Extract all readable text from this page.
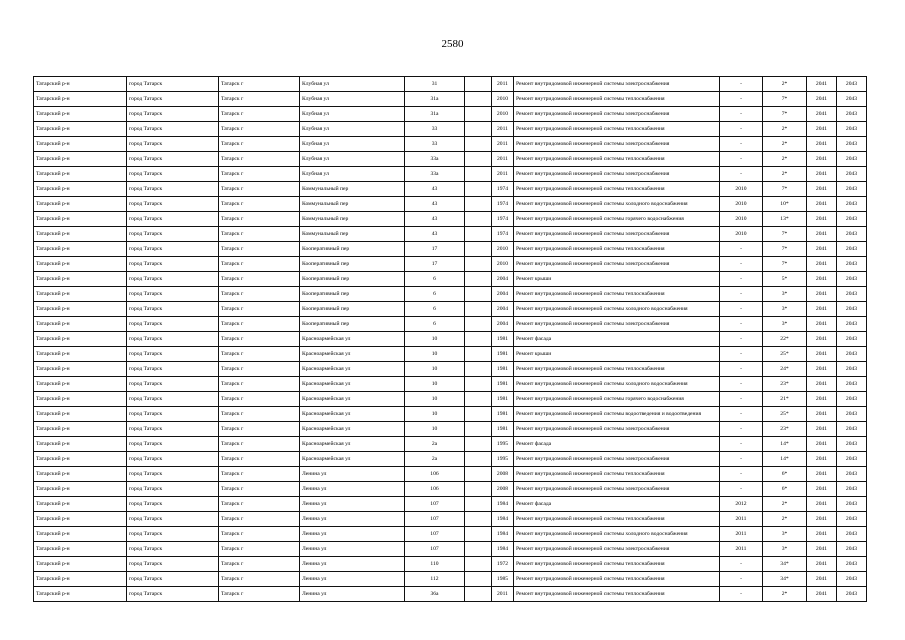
2580
Татарский р-н	город Татарск	Татарск г	Клубная ул	31		2011	Ремонт внутридомовой инженерной системы электроснабжения	-	2*	2041	2043
Татарский р-н	город Татарск	Татарск г	Клубная ул	31а		2010	Ремонт внутридомовой инженерной системы теплоснабжения	-	7*	2041	2043
Татарский р-н	город Татарск	Татарск г	Клубная ул	31а		2010	Ремонт внутридомовой инженерной системы электроснабжения	-	7*	2041	2043
Татарский р-н	город Татарск	Татарск г	Клубная ул	33		2011	Ремонт внутридомовой инженерной системы теплоснабжения	-	2*	2041	2043
Татарский р-н	город Татарск	Татарск г	Клубная ул	33		2011	Ремонт внутридомовой инженерной системы электроснабжения	-	2*	2041	2043
Татарский р-н	город Татарск	Татарск г	Клубная ул	33а		2011	Ремонт внутридомовой инженерной системы теплоснабжения	-	2*	2041	2043
Татарский р-н	город Татарск	Татарск г	Клубная ул	33а		2011	Ремонт внутридомовой инженерной системы электроснабжения	-	2*	2041	2043
Татарский р-н	город Татарск	Татарск г	Коммунальный пер	43		1974	Ремонт внутридомовой инженерной системы теплоснабжения	2010	7*	2041	2043
Татарский р-н	город Татарск	Татарск г	Коммунальный пер	43		1974	Ремонт внутридомовой инженерной системы холодного водоснабжения	2010	10*	2041	2043
Татарский р-н	город Татарск	Татарск г	Коммунальный пер	43		1974	Ремонт внутридомовой инженерной системы горячего водоснабжения	2010	13*	2041	2043
Татарский р-н	город Татарск	Татарск г	Коммунальный пер	43		1974	Ремонт внутридомовой инженерной системы электроснабжения	2010	7*	2041	2043
Татарский р-н	город Татарск	Татарск г	Кооперативный пер	17		2010	Ремонт внутридомовой инженерной системы теплоснабжения	-	7*	2041	2043
Татарский р-н	город Татарск	Татарск г	Кооперативный пер	17		2010	Ремонт внутридомовой инженерной системы электроснабжения	-	7*	2041	2043
Татарский р-н	город Татарск	Татарск г	Кооперативный пер	6		2004	Ремонт крыши	-	5*	2041	2043
Татарский р-н	город Татарск	Татарск г	Кооперативный пер	6		2004	Ремонт внутридомовой инженерной системы теплоснабжения	-	3*	2041	2043
Татарский р-н	город Татарск	Татарск г	Кооперативный пер	6		2004	Ремонт внутридомовой инженерной системы холодного водоснабжения	-	3*	2041	2043
Татарский р-н	город Татарск	Татарск г	Кооперативный пер	6		2004	Ремонт внутридомовой инженерной системы электроснабжения	-	3*	2041	2043
Татарский р-н	город Татарск	Татарск г	Красноармейская ул	10		1981	Ремонт фасада	-	22*	2041	2043
Татарский р-н	город Татарск	Татарск г	Красноармейская ул	10		1981	Ремонт крыши	-	25*	2041	2043
Татарский р-н	город Татарск	Татарск г	Красноармейская ул	10		1981	Ремонт внутридомовой инженерной системы теплоснабжения	-	24*	2041	2043
Татарский р-н	город Татарск	Татарск г	Красноармейская ул	10		1981	Ремонт внутридомовой инженерной системы холодного водоснабжения	-	23*	2041	2043
Татарский р-н	город Татарск	Татарск г	Красноармейская ул	10		1981	Ремонт внутридомовой инженерной системы горячего водоснабжения	-	21*	2041	2043
Татарский р-н	город Татарск	Татарск г	Красноармейская ул	10		1981	Ремонт внутридомовой инженерной системы водоотведения и водоотведения	-	25*	2041	2043
Татарский р-н	город Татарск	Татарск г	Красноармейская ул	10		1981	Ремонт внутридомовой инженерной системы электроснабжения	-	23*	2041	2043
Татарский р-н	город Татарск	Татарск г	Красноармейская ул	2а		1995	Ремонт фасада	-	14*	2041	2043
Татарский р-н	город Татарск	Татарск г	Красноармейская ул	2а		1995	Ремонт внутридомовой инженерной системы электроснабжения	-	14*	2041	2043
Татарский р-н	город Татарск	Татарск г	Ленина ул	106		2008	Ремонт внутридомовой инженерной системы теплоснабжения	-	6*	2041	2043
Татарский р-н	город Татарск	Татарск г	Ленина ул	106		2008	Ремонт внутридомовой инженерной системы электроснабжения	-	6*	2041	2043
Татарский р-н	город Татарск	Татарск г	Ленина ул	107		1984	Ремонт фасада	2012	2*	2041	2043
Татарский р-н	город Татарск	Татарск г	Ленина ул	107		1984	Ремонт внутридомовой инженерной системы теплоснабжения	2011	2*	2041	2043
Татарский р-н	город Татарск	Татарск г	Ленина ул	107		1984	Ремонт внутридомовой инженерной системы холодного водоснабжения	2011	3*	2041	2043
Татарский р-н	город Татарск	Татарск г	Ленина ул	107		1984	Ремонт внутридомовой инженерной системы электроснабжения	2011	3*	2041	2043
Татарский р-н	город Татарск	Татарск г	Ленина ул	110		1972	Ремонт внутридомовой инженерной системы теплоснабжения	-	34*	2041	2043
Татарский р-н	город Татарск	Татарск г	Ленина ул	112		1985	Ремонт внутридомовой инженерной системы теплоснабжения	-	34*	2041	2043
Татарский р-н	город Татарск	Татарск г	Ленина ул	36а		2011	Ремонт внутридомовой инженерной системы теплоснабжения	-	2*	2041	2043
